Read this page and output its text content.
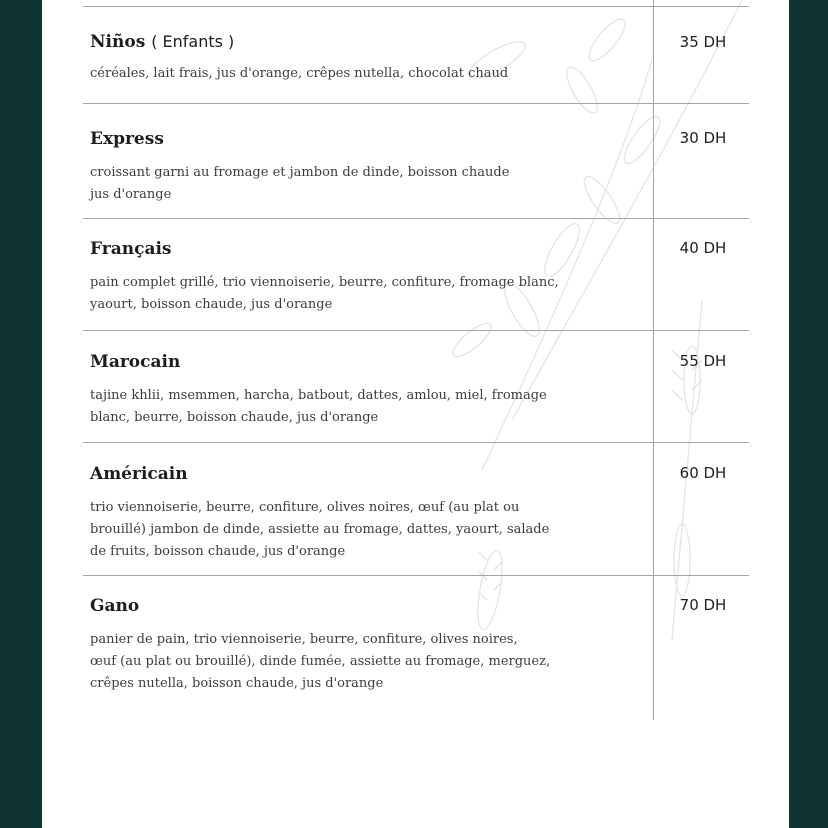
Niños ( Enfants )
céréales, lait frais, jus d'orange, crêpes nutella, chocolat chaud
35 DH
Express
croissant garni au fromage et jambon de dinde, boisson chaude
jus d'orange
30 DH
Français
pain complet grillé, trio viennoiserie, beurre, confiture, fromage blanc,
yaourt, boisson chaude, jus d'orange
40 DH
Marocain
tajine khlii, msemmen, harcha, batbout, dattes, amlou, miel, fromage
blanc, beurre, boisson chaude, jus d'orange
55 DH
Américain
trio viennoiserie, beurre, confiture, olives noires, œuf (au plat ou
brouillé) jambon de dinde, assiette au fromage, dattes, yaourt, salade
de fruits, boisson chaude, jus d'orange
60 DH
Gano
panier de pain, trio viennoiserie, beurre, confiture, olives noires,
œuf (au plat ou brouillé), dinde fumée, assiette au fromage, merguez,
crêpes nutella, boisson chaude, jus d'orange
70 DH
